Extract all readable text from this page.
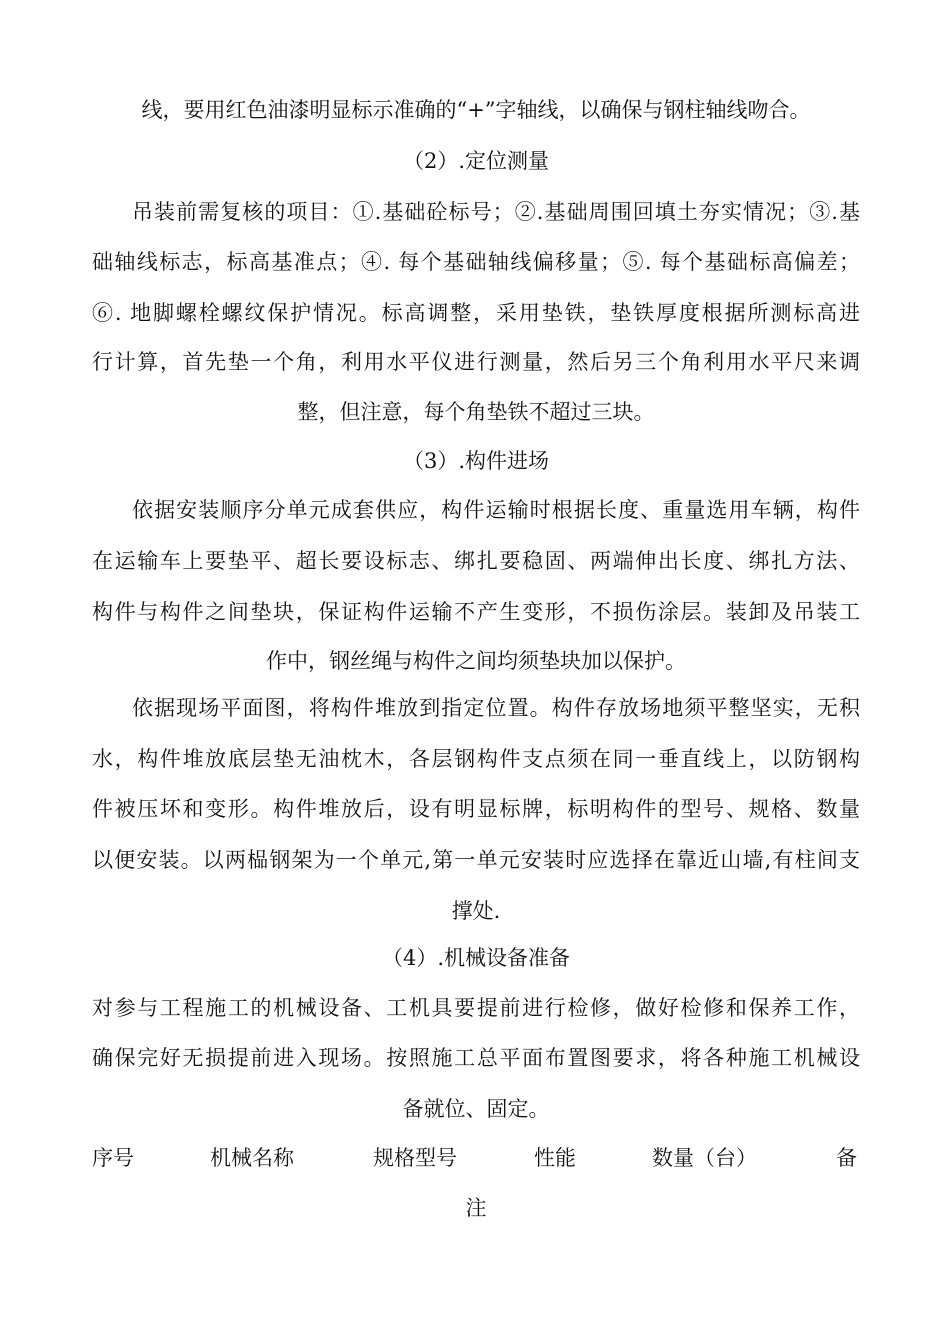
线，要用红色油漆明显标示准确的“+”字轴线，以确保与钢柱轴线吻合。
（2）.定位测量
吊装前需复核的项目：①.基础砼标号；②.基础周围回填土夯实情况；③.基
础轴线标志，标高基准点；④. 每个基础轴线偏移量；⑤. 每个基础标高偏差；
⑥. 地脚螺栓螺纹保护情况。标高调整，采用垫铁，垫铁厚度根据所测标高进
行计算，首先垫一个角，利用水平仪进行测量，然后另三个角利用水平尺来调
整，但注意，每个角垫铁不超过三块。
（3）.构件进场
依据安装顺序分单元成套供应，构件运输时根据长度、重量选用车辆，构件
在运输车上要垫平、超长要设标志、绑扎要稳固、两端伸出长度、绑扎方法、
构件与构件之间垫块，保证构件运输不产生变形，不损伤涂层。装卸及吊装工
作中，钢丝绳与构件之间均须垫块加以保护。
依据现场平面图，将构件堆放到指定位置。构件存放场地须平整坚实，无积
水，构件堆放底层垫无油枕木，各层钢构件支点须在同一垂直线上，以防钢构
件被压坏和变形。构件堆放后，设有明显标牌，标明构件的型号、规格、数量
以便安装。以两榀钢架为一个单元,第一单元安装时应选择在靠近山墙,有柱间支
撑处.
（4）.机械设备准备
对参与工程施工的机械设备、工机具要提前进行检修，做好检修和保养工作，
确保完好无损提前进入现场。按照施工总平面布置图要求，将各种施工机械设
备就位、固定。
序号	机械名称	规格型号	性能	数量（台）	备
注
